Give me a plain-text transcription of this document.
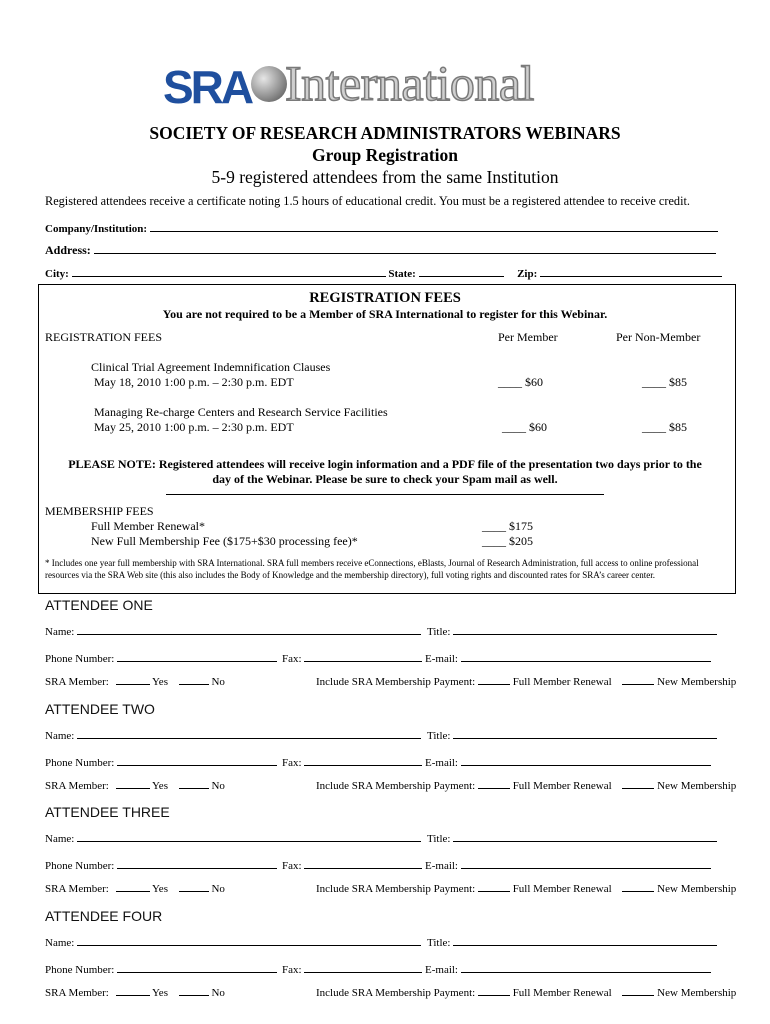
SRA International
SOCIETY OF RESEARCH ADMINISTRATORS WEBINARS
Group Registration
5-9 registered attendees from the same Institution
Registered attendees receive a certificate noting 1.5 hours of educational credit. You must be a registered attendee to receive credit.
Company/Institution:
Address:
City:	State:	Zip:
REGISTRATION FEES
You are not required to be a Member of SRA International to register for this Webinar.
REGISTRATION FEES	Per Member	Per Non-Member
Clinical Trial Agreement Indemnification Clauses
May 18, 2010 1:00 p.m. – 2:30 p.m. EDT	____ $60	____ $85
Managing Re-charge Centers and Research Service Facilities
May 25, 2010 1:00 p.m. – 2:30 p.m. EDT	____ $60	____ $85
PLEASE NOTE: Registered attendees will receive login information and a PDF file of the presentation two days prior to the
day of the Webinar. Please be sure to check your Spam mail as well.
MEMBERSHIP FEES
Full Member Renewal*	____ $175
New Full Membership Fee ($175+$30 processing fee)*	____ $205
* Includes one year full membership with SRA International. SRA full members receive eConnections, eBlasts, Journal of Research Administration, full access to online professional resources via the SRA Web site (this also includes the Body of Knowledge and the membership directory), full voting rights and discounted rates for SRA’s career center.
ATTENDEE ONE
Name:	Title:
Phone Number:	Fax:	E-mail:
SRA Member:	Yes	No	Include SRA Membership Payment:	Full Member Renewal	New Membership
ATTENDEE TWO
Name:	Title:
Phone Number:	Fax:	E-mail:
SRA Member:	Yes	No	Include SRA Membership Payment:	Full Member Renewal	New Membership
ATTENDEE THREE
Name:	Title:
Phone Number:	Fax:	E-mail:
SRA Member:	Yes	No	Include SRA Membership Payment:	Full Member Renewal	New Membership
ATTENDEE FOUR
Name:	Title:
Phone Number:	Fax:	E-mail:
SRA Member:	Yes	No	Include SRA Membership Payment:	Full Member Renewal	New Membership
